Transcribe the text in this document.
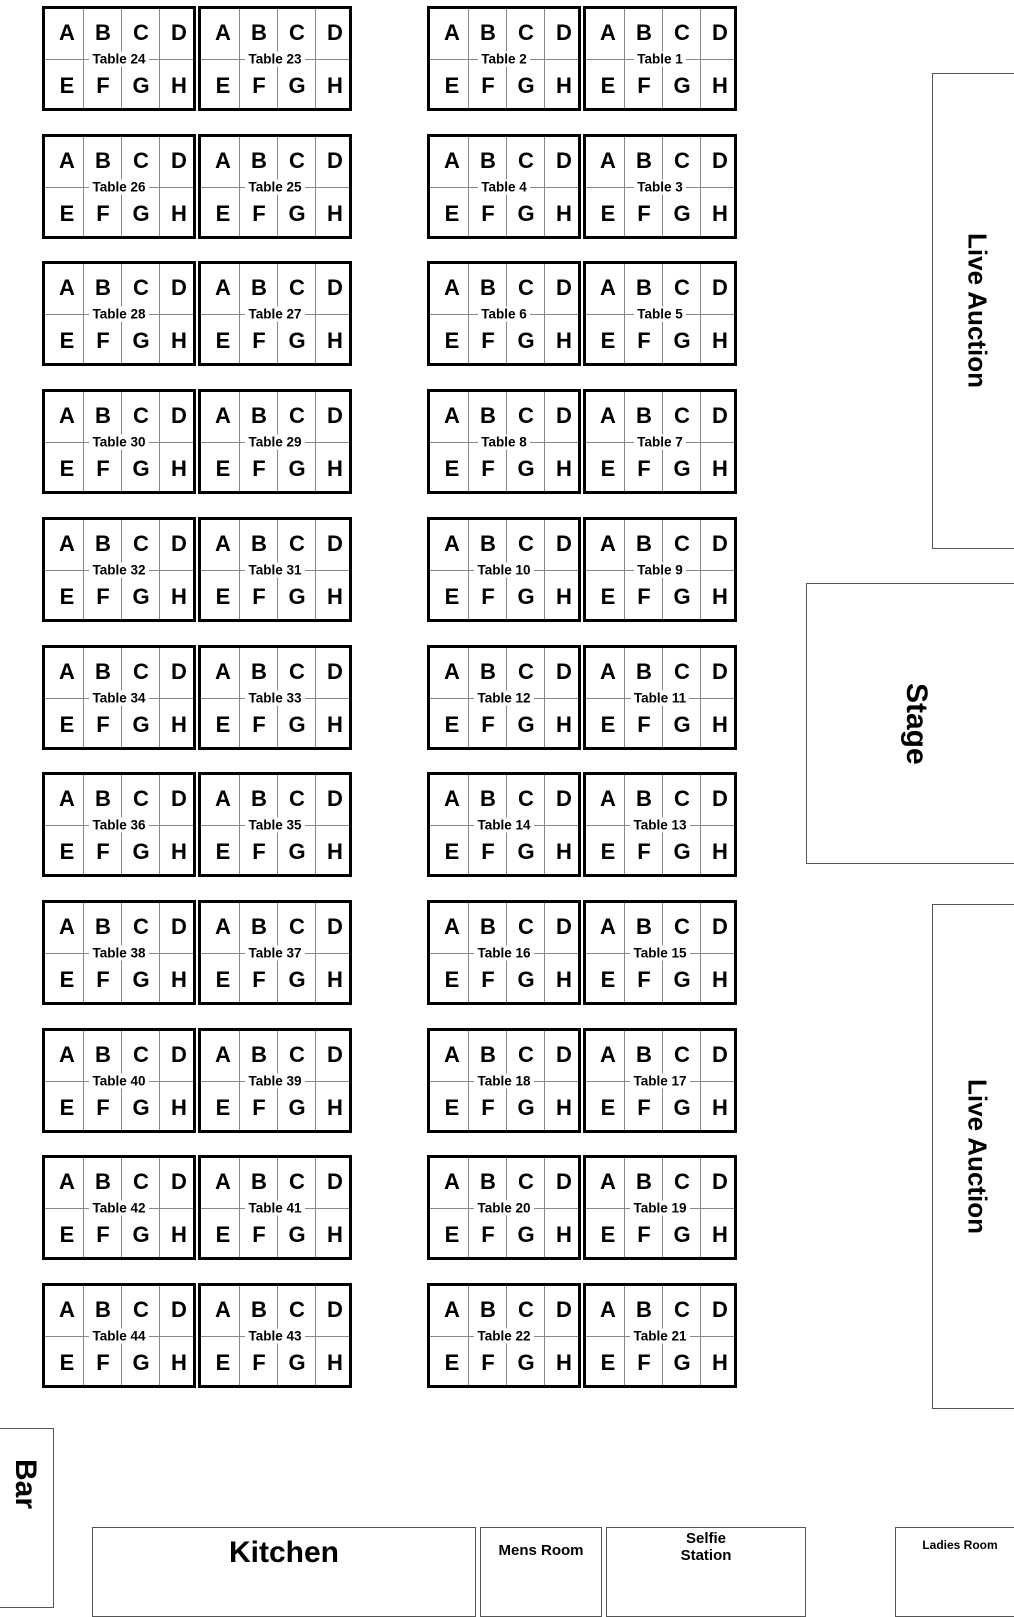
A B	C	D
E F	G H
Table 24
A B	C	D
E F	G H
Table 23
A B	C	D
E F	G H
Table 2
A B	C	D
E F	G H
Table 1
A B	C	D
E F	G H
Table 26
A B	C	D
E F	G H
Table 25
A B	C	D
E F	G H
Table 4
A B	C	D
E F	G H
Table 3
A B	C	D
E F	G H
Table 28
A B	C	D
E F	G H
Table 27
A B	C	D
E F	G H
Table 6
A B	C	D
E F	G H
Table 5
A B	C	D
E F	G H
Table 30
A B	C	D
E F	G H
Table 29
A B	C	D
E F	G H
Table 8
A B	C	D
E F	G H
Table 7
A B	C	D
E F	G H
Table 32
A B	C	D
E F	G H
Table 31
A B	C	D
E F	G H
Table 10
A B	C	D
E F	G H
Table 9
A B	C	D
E F	G H
Table 34
A B	C	D
E F	G H
Table 33
A B	C	D
E F	G H
Table 12
A B	C	D
E F	G H
Table 11
A B	C	D
E F	G H
Table 36
A B	C	D
E F	G H
Table 35
A B	C	D
E F	G H
Table 14
A B	C	D
E F	G H
Table 13
A B	C	D
E F	G H
Table 38
A B	C	D
E F	G H
Table 37
A B	C	D
E F	G H
Table 16
A B	C	D
E F	G H
Table 15
A B	C	D
E F	G H
Table 40
A B	C	D
E F	G H
Table 39
A B	C	D
E F	G H
Table 18
A B	C	D
E F	G H
Table 17
A B	C	D
E F	G H
Table 42
A B	C	D
E F	G H
Table 41
A B	C	D
E F	G H
Table 20
A B	C	D
E F	G H
Table 19
A B	C	D
E F	G H
Table 44
A B	C	D
E F	G H
Table 43
A B	C	D
E F	G H
Table 22
A B	C	D
E F	G H
Table 21
Live Auction
Stage
Live Auction
Bar
Kitchen	Mens Room
Selfie Station
Ladies Room
